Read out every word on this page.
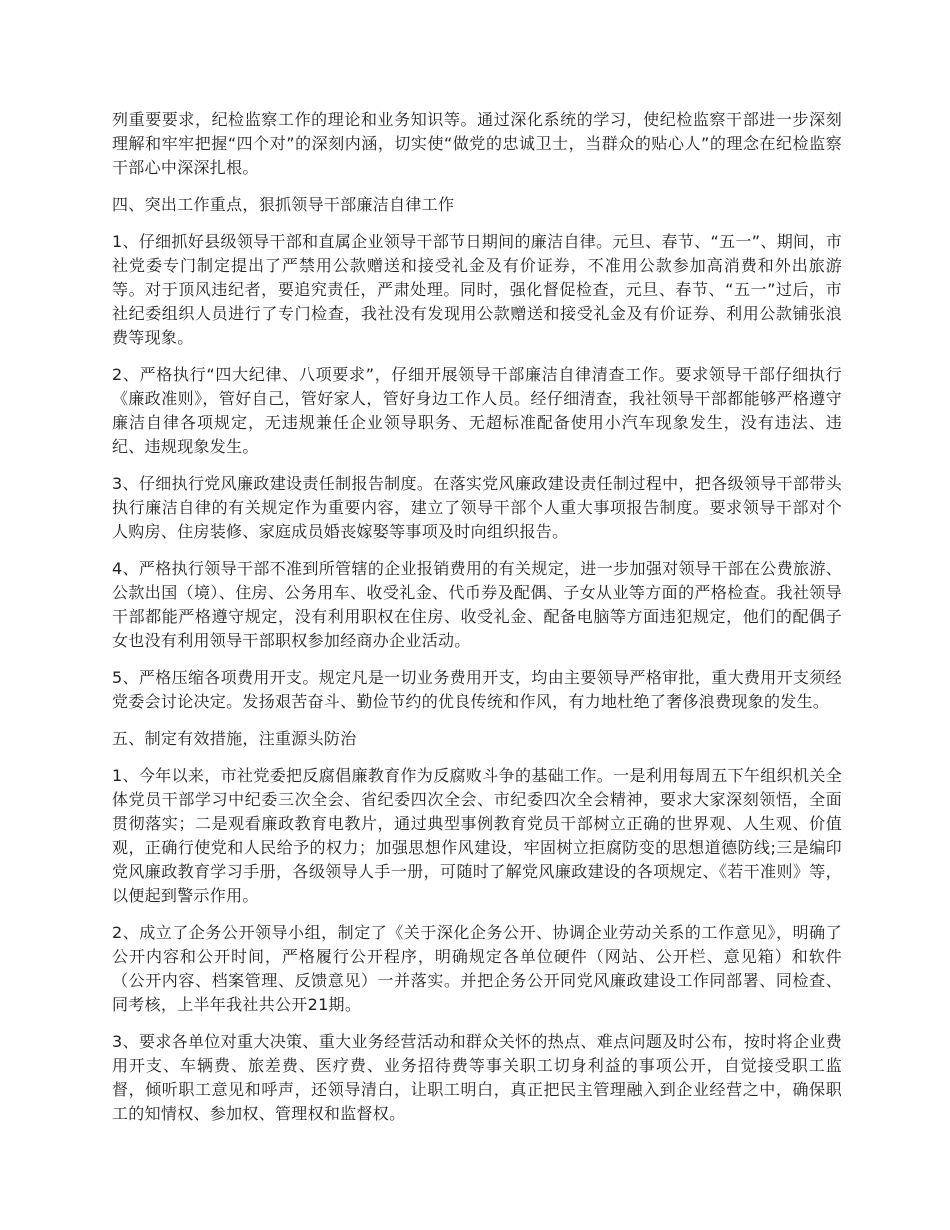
列重要要求，纪检监察工作的理论和业务知识等。通过深化系统的学习，使纪检监察干部进一步深刻理解和牢牢把握“四个对”的深刻内涵，切实使“做党的忠诚卫士，当群众的贴心人”的理念在纪检监察干部心中深深扎根。

四、突出工作重点，狠抓领导干部廉洁自律工作

1、仔细抓好县级领导干部和直属企业领导干部节日期间的廉洁自律。元旦、春节、“五一”、期间，市社党委专门制定提出了严禁用公款赠送和接受礼金及有价证券，不准用公款参加高消费和外出旅游等。对于顶风违纪者，要追究责任，严肃处理。同时，强化督促检查，元旦、春节、“五一”过后，市社纪委组织人员进行了专门检查，我社没有发现用公款赠送和接受礼金及有价证券、利用公款铺张浪费等现象。

2、严格执行“四大纪律、八项要求”，仔细开展领导干部廉洁自律清查工作。要求领导干部仔细执行《廉政准则》，管好自己，管好家人，管好身边工作人员。经仔细清查，我社领导干部都能够严格遵守廉洁自律各项规定，无违规兼任企业领导职务、无超标准配备使用小汽车现象发生，没有违法、违纪、违规现象发生。

3、仔细执行党风廉政建设责任制报告制度。在落实党风廉政建设责任制过程中，把各级领导干部带头执行廉洁自律的有关规定作为重要内容，建立了领导干部个人重大事项报告制度。要求领导干部对个人购房、住房装修、家庭成员婚丧嫁娶等事项及时向组织报告。

4、严格执行领导干部不准到所管辖的企业报销费用的有关规定，进一步加强对领导干部在公费旅游、公款出国（境）、住房、公务用车、收受礼金、代币券及配偶、子女从业等方面的严格检查。我社领导干部都能严格遵守规定，没有利用职权在住房、收受礼金、配备电脑等方面违犯规定，他们的配偶子女也没有利用领导干部职权参加经商办企业活动。

5、严格压缩各项费用开支。规定凡是一切业务费用开支，均由主要领导严格审批，重大费用开支须经党委会讨论决定。发扬艰苦奋斗、勤俭节约的优良传统和作风，有力地杜绝了奢侈浪费现象的发生。

五、制定有效措施，注重源头防治

1、今年以来，市社党委把反腐倡廉教育作为反腐败斗争的基础工作。一是利用每周五下午组织机关全体党员干部学习中纪委三次全会、省纪委四次全会、市纪委四次全会精神，要求大家深刻领悟，全面贯彻落实；二是观看廉政教育电教片，通过典型事例教育党员干部树立正确的世界观、人生观、价值观，正确行使党和人民给予的权力；加强思想作风建设，牢固树立拒腐防变的思想道德防线;三是编印党风廉政教育学习手册，各级领导人手一册，可随时了解党风廉政建设的各项规定、《若干准则》等，以便起到警示作用。

2、成立了企务公开领导小组，制定了《关于深化企务公开、协调企业劳动关系的工作意见》，明确了公开内容和公开时间，严格履行公开程序，明确规定各单位硬件（网站、公开栏、意见箱）和软件（公开内容、档案管理、反馈意见）一并落实。并把企务公开同党风廉政建设工作同部署、同检查、同考核，上半年我社共公开21期。

3、要求各单位对重大决策、重大业务经营活动和群众关怀的热点、难点问题及时公布，按时将企业费用开支、车辆费、旅差费、医疗费、业务招待费等事关职工切身利益的事项公开，自觉接受职工监督，倾听职工意见和呼声，还领导清白，让职工明白，真正把民主管理融入到企业经营之中，确保职工的知情权、参加权、管理权和监督权。
